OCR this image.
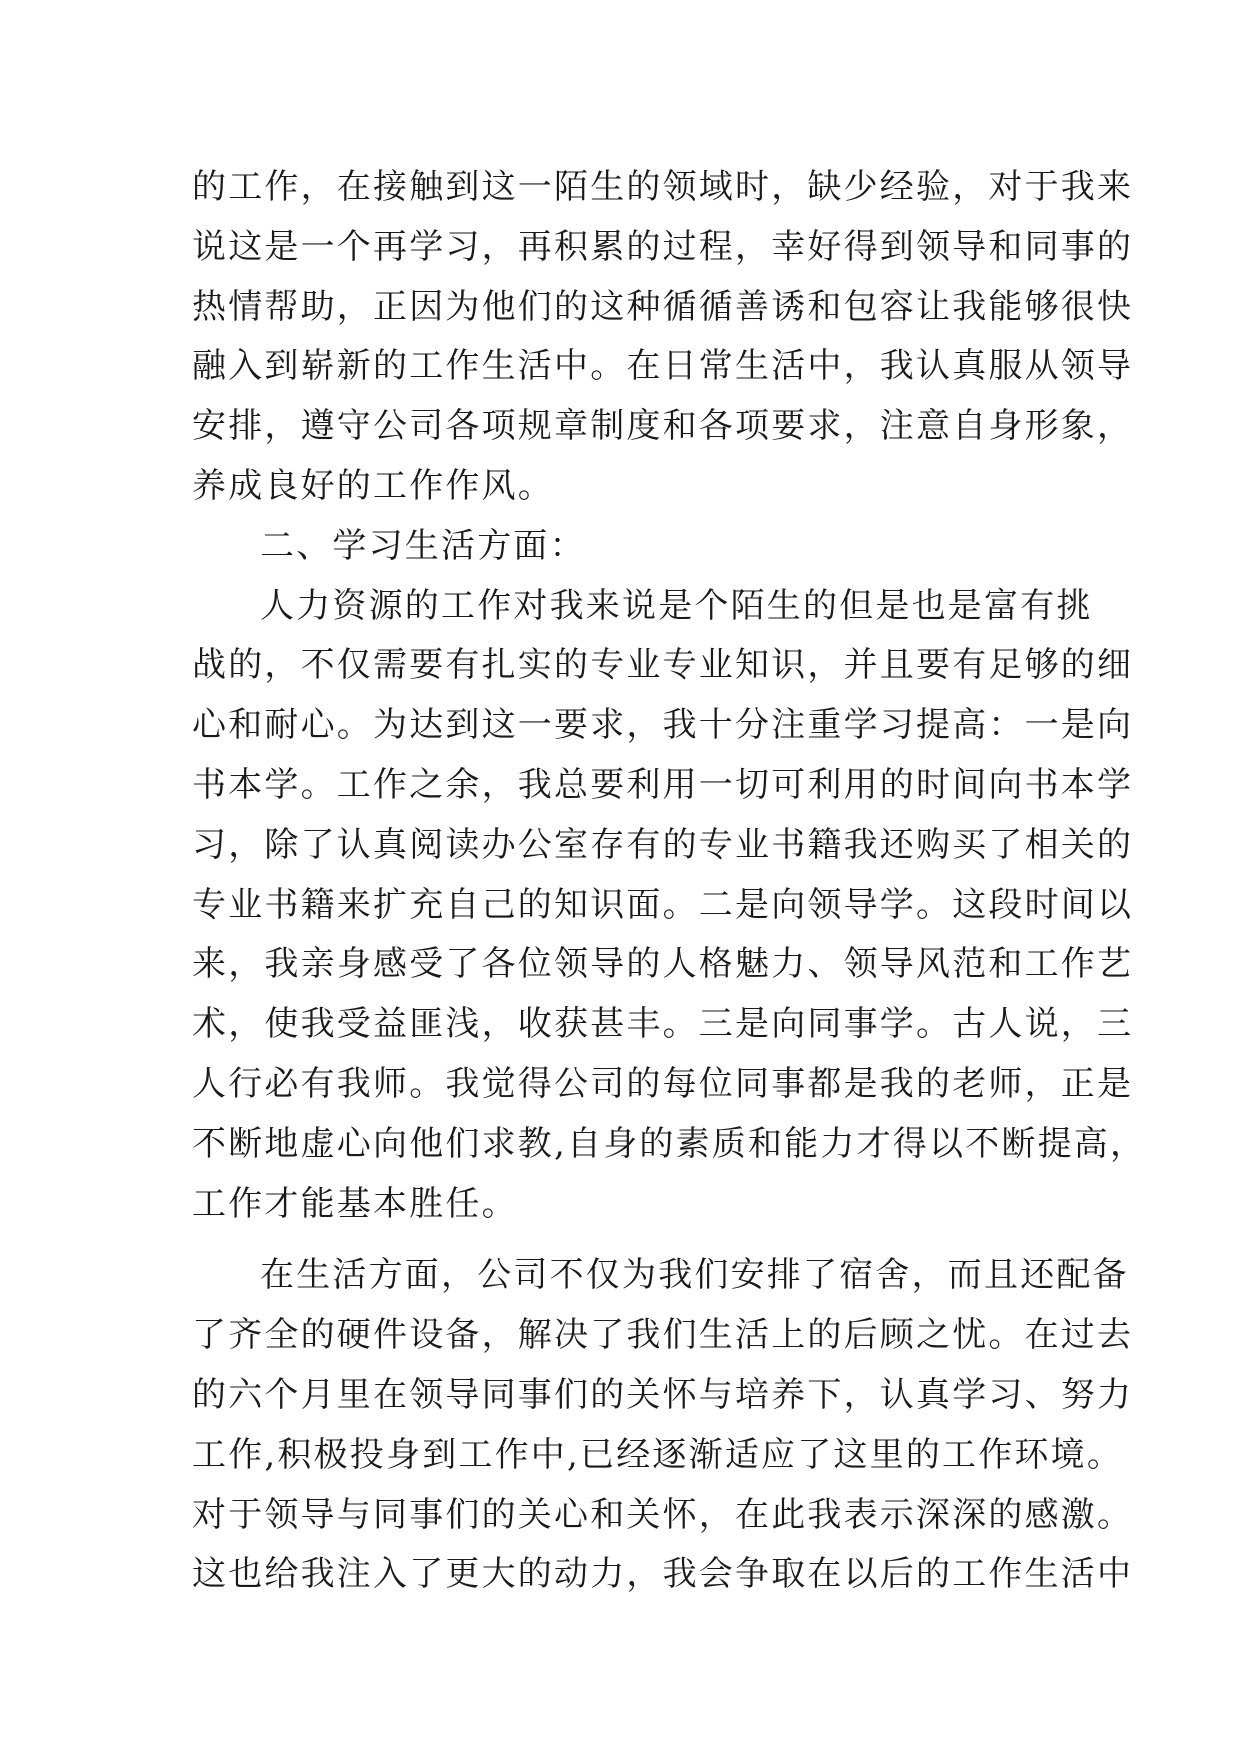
的工作，在接触到这一陌生的领域时，缺少经验，对于我来
说这是一个再学习，再积累的过程，幸好得到领导和同事的
热情帮助，正因为他们的这种循循善诱和包容让我能够很快
融入到崭新的工作生活中。在日常生活中，我认真服从领导
安排，遵守公司各项规章制度和各项要求，注意自身形象，
养成良好的工作作风。
二、学习生活方面：
人力资源的工作对我来说是个陌生的但是也是富有挑
战的，不仅需要有扎实的专业专业知识，并且要有足够的细
心和耐心。为达到这一要求，我十分注重学习提高：一是向
书本学。工作之余，我总要利用一切可利用的时间向书本学
习，除了认真阅读办公室存有的专业书籍我还购买了相关的
专业书籍来扩充自己的知识面。二是向领导学。这段时间以
来，我亲身感受了各位领导的人格魅力、领导风范和工作艺
术，使我受益匪浅，收获甚丰。三是向同事学。古人说，三
人行必有我师。我觉得公司的每位同事都是我的老师，正是
不断地虚心向他们求教,自身的素质和能力才得以不断提高，
工作才能基本胜任。
在生活方面，公司不仅为我们安排了宿舍，而且还配备
了齐全的硬件设备，解决了我们生活上的后顾之忧。在过去
的六个月里在领导同事们的关怀与培养下，认真学习、努力
工作,积极投身到工作中,已经逐渐适应了这里的工作环境。
对于领导与同事们的关心和关怀，在此我表示深深的感激。
这也给我注入了更大的动力，我会争取在以后的工作生活中
